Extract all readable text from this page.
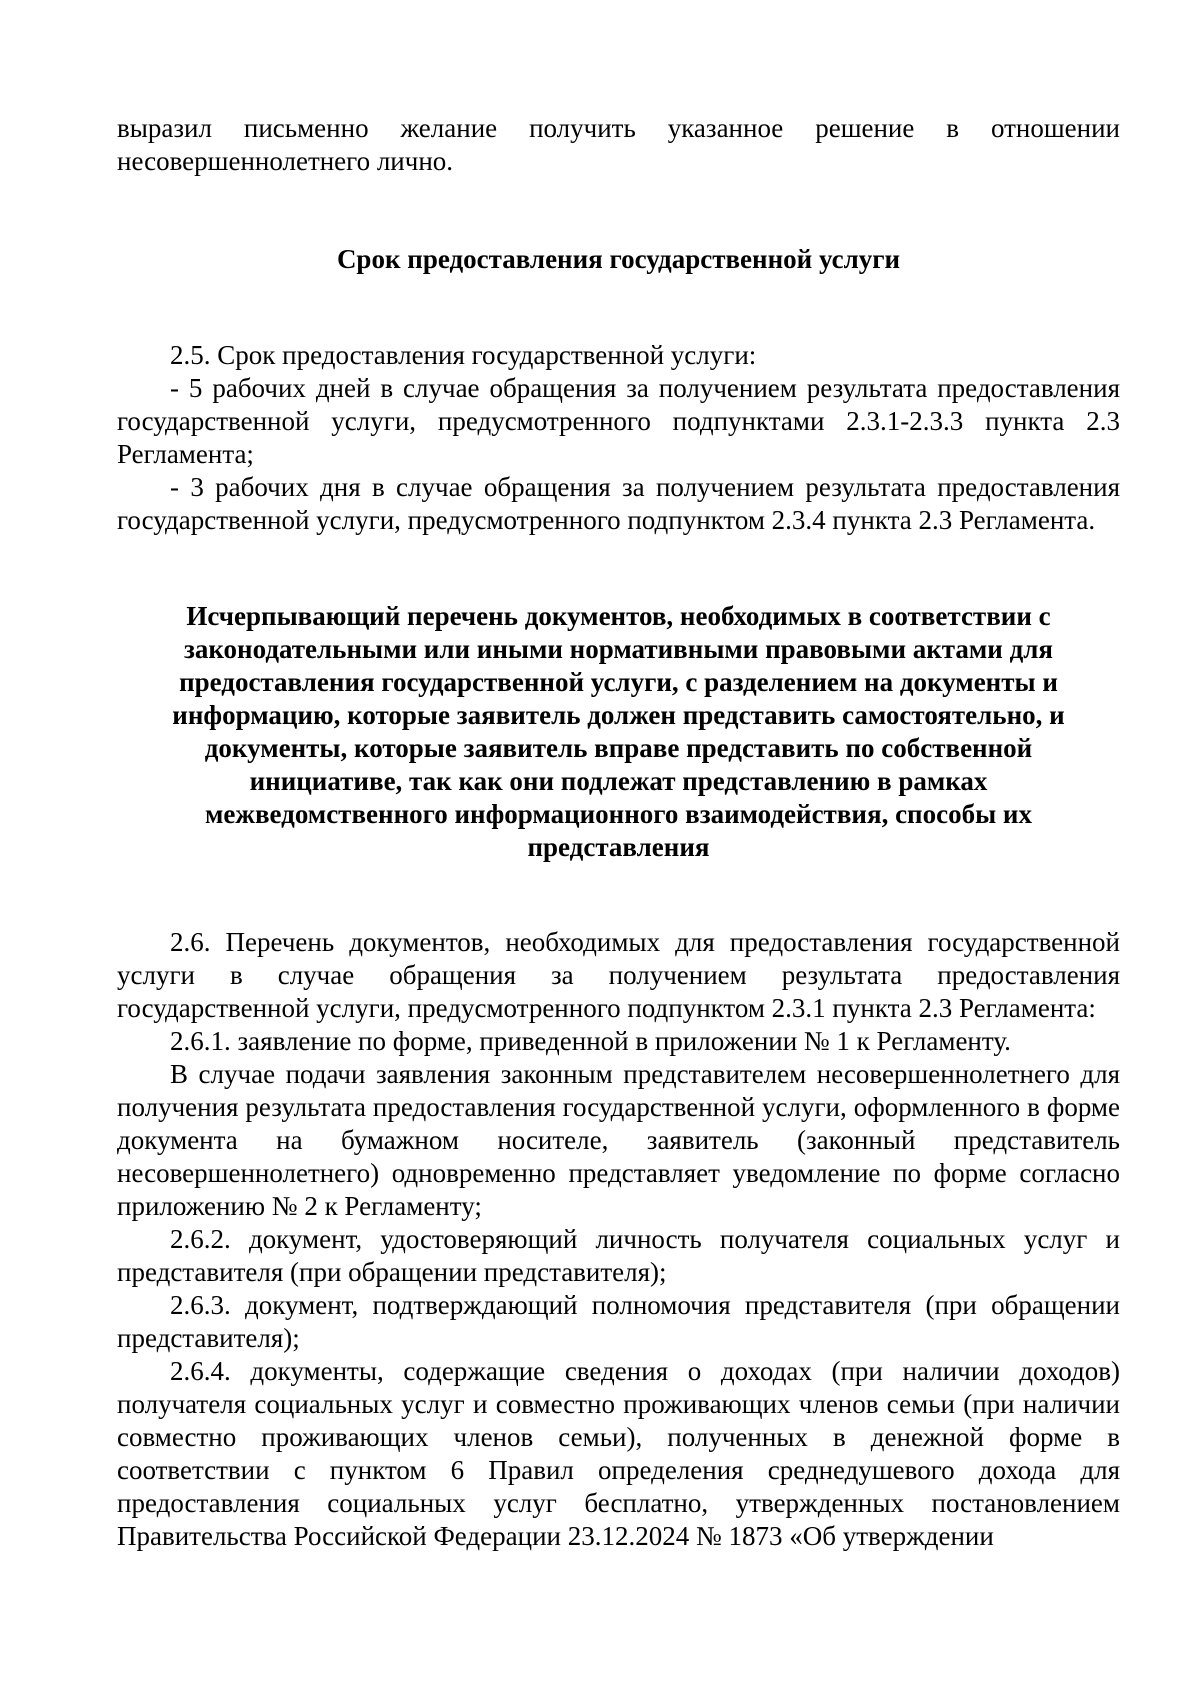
выразил письменно желание получить указанное решение в отношении несовершеннолетнего лично.

Срок предоставления государственной услуги

2.5. Срок предоставления государственной услуги:

- 5 рабочих дней в случае обращения за получением результата предоставления государственной услуги, предусмотренного подпунктами 2.3.1-2.3.3 пункта 2.3 Регламента;

- 3 рабочих дня в случае обращения за получением результата предоставления государственной услуги, предусмотренного подпунктом 2.3.4 пункта 2.3 Регламента.

Исчерпывающий перечень документов, необходимых в соответствии с законодательными или иными нормативными правовыми актами для предоставления государственной услуги, с разделением на документы и информацию, которые заявитель должен представить самостоятельно, и документы, которые заявитель вправе представить по собственной инициативе, так как они подлежат представлению в рамках межведомственного информационного взаимодействия, способы их представления

2.6. Перечень документов, необходимых для предоставления государственной услуги в случае обращения за получением результата предоставления государственной услуги, предусмотренного подпунктом 2.3.1 пункта 2.3 Регламента:

2.6.1. заявление по форме, приведенной в приложении № 1 к Регламенту.

В случае подачи заявления законным представителем несовершеннолетнего для получения результата предоставления государственной услуги, оформленного в форме документа на бумажном носителе, заявитель (законный представитель несовершеннолетнего) одновременно представляет уведомление по форме согласно приложению № 2 к Регламенту;

2.6.2. документ, удостоверяющий личность получателя социальных услуг и представителя (при обращении представителя);

2.6.3. документ, подтверждающий полномочия представителя (при обращении представителя);

2.6.4. документы, содержащие сведения о доходах (при наличии доходов) получателя социальных услуг и совместно проживающих членов семьи (при наличии совместно проживающих членов семьи), полученных в денежной форме в соответствии с пунктом 6 Правил определения среднедушевого дохода для предоставления социальных услуг бесплатно, утвержденных постановлением Правительства Российской Федерации 23.12.2024 № 1873 «Об утверждении
